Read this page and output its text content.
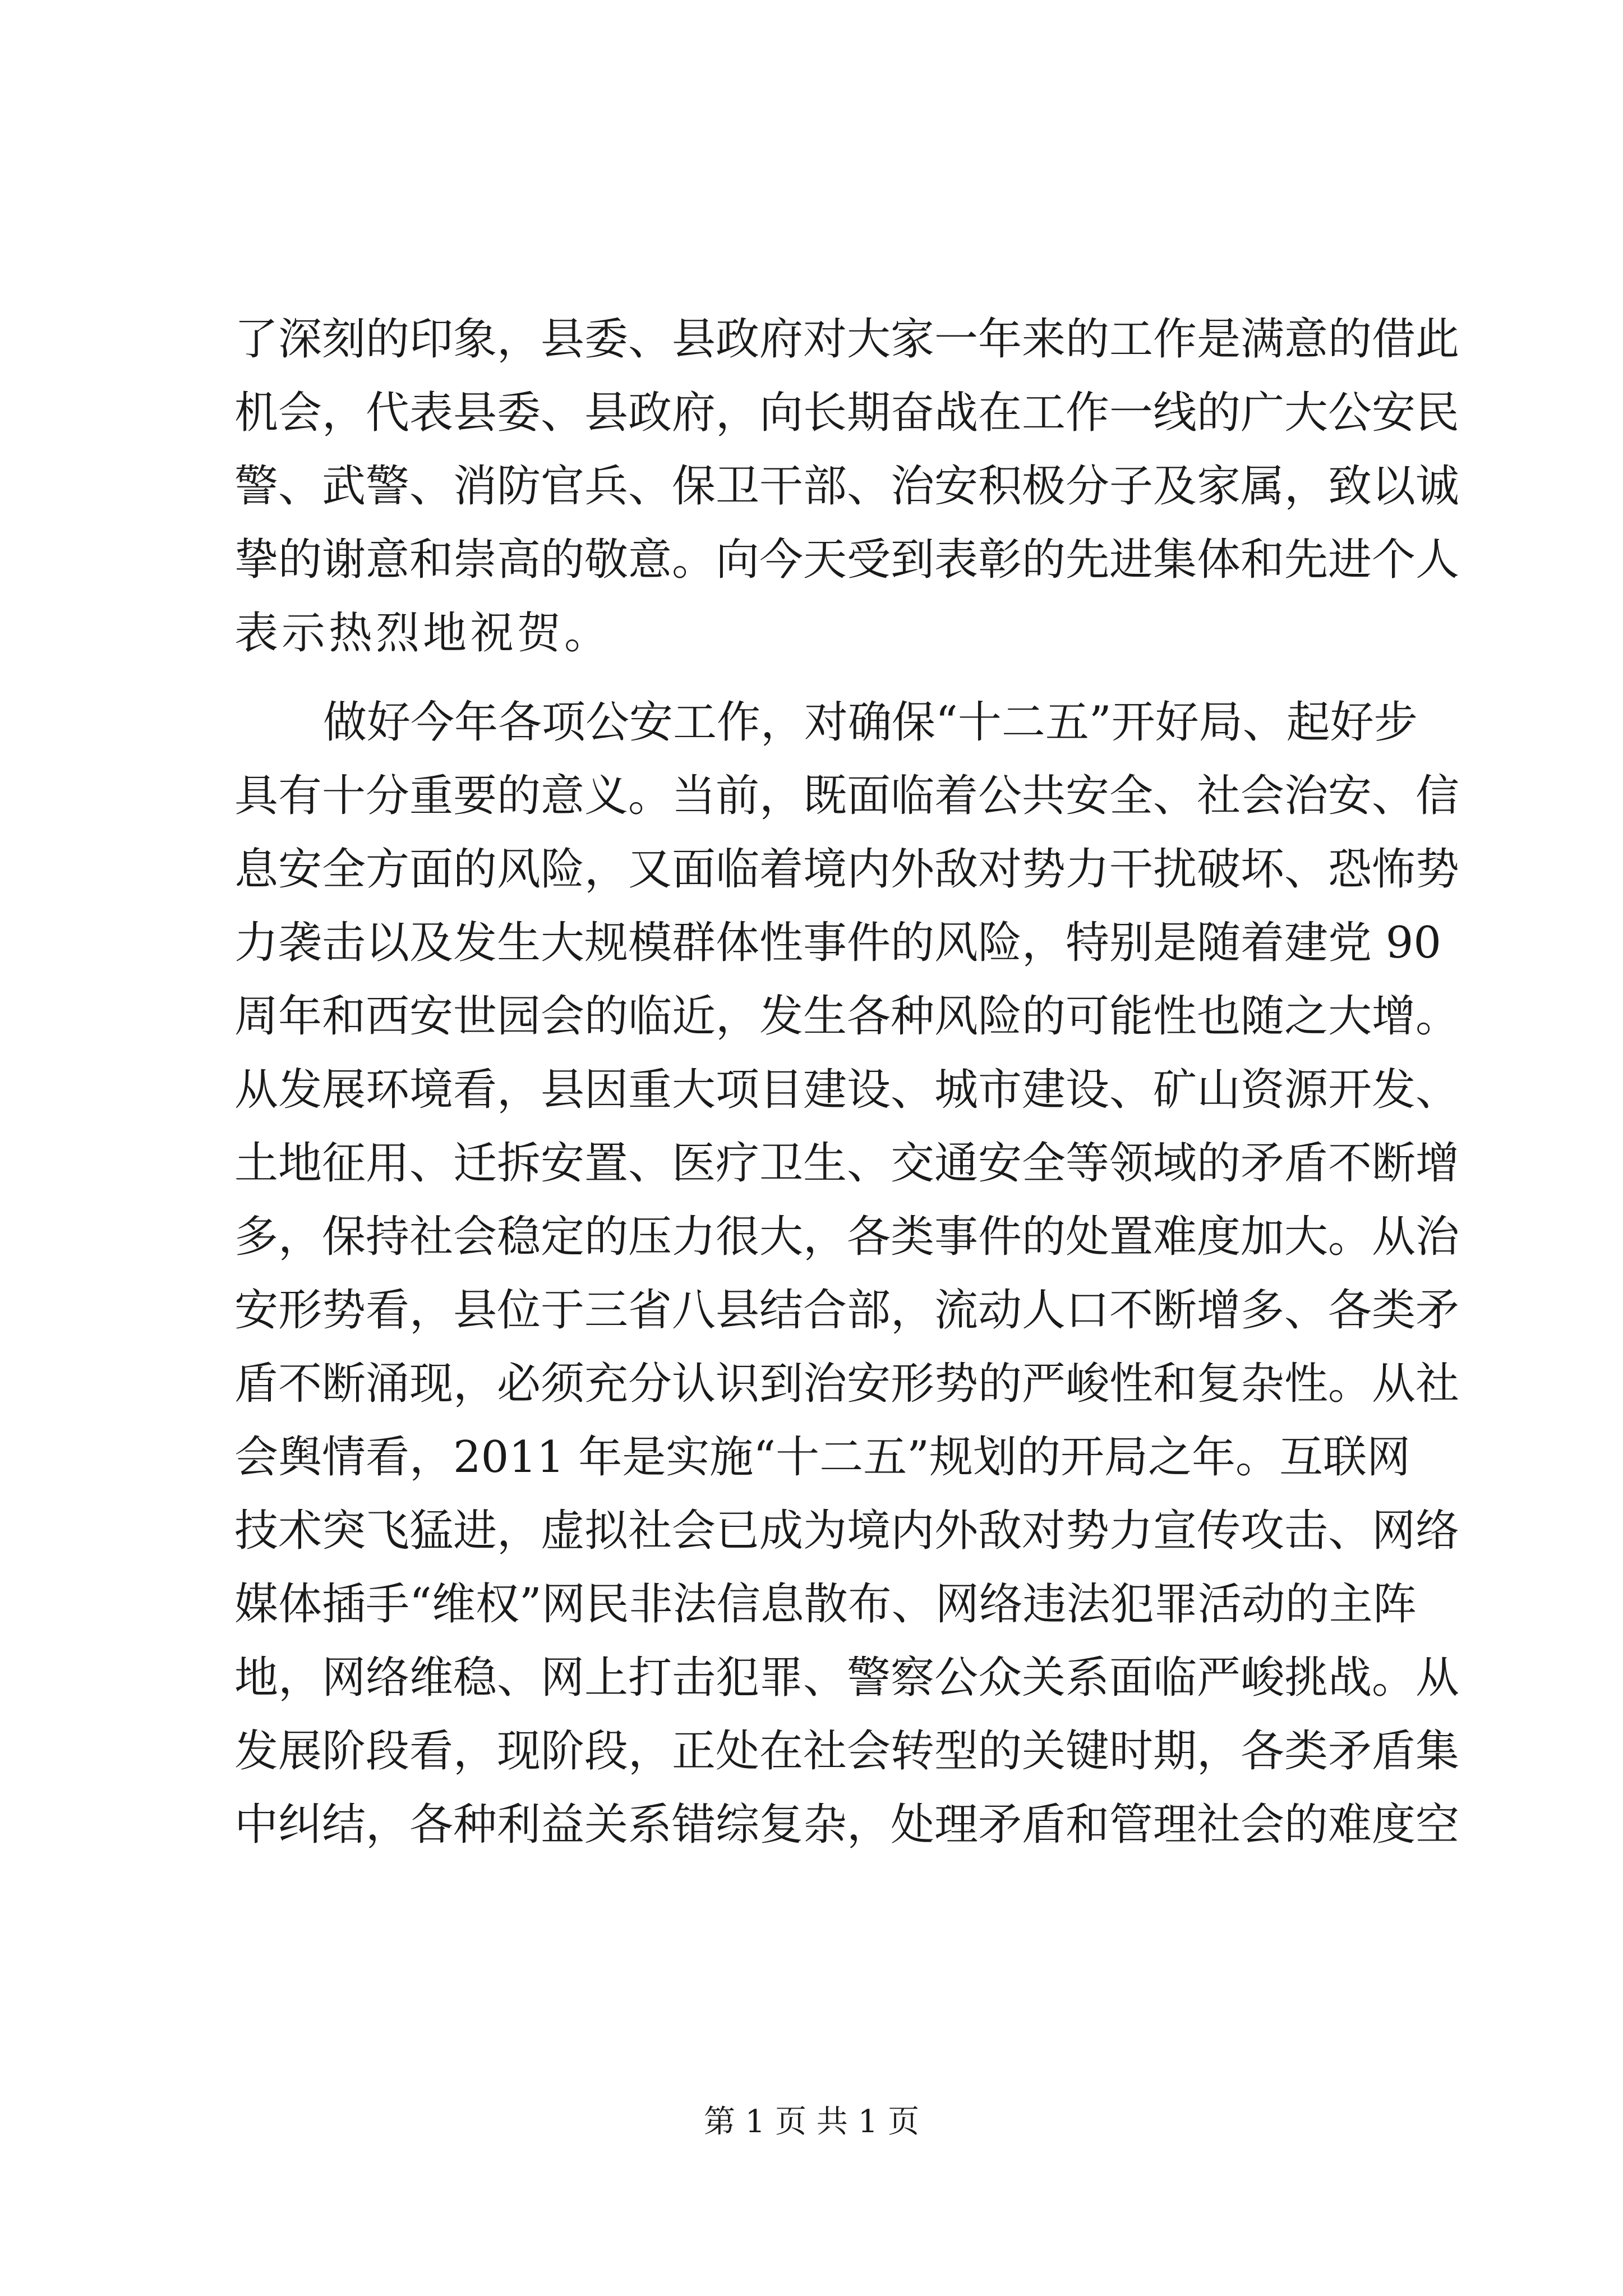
了深刻的印象，县委、县政府对大家一年来的工作是满意的借此
机会，代表县委、县政府，向长期奋战在工作一线的广大公安民
警、武警、消防官兵、保卫干部、治安积极分子及家属，致以诚
挚的谢意和崇高的敬意。向今天受到表彰的先进集体和先进个人
表示热烈地祝贺。
做好今年各项公安工作，对确保“十二五”开好局、起好步
具有十分重要的意义。当前，既面临着公共安全、社会治安、信
息安全方面的风险，又面临着境内外敌对势力干扰破坏、恐怖势
力袭击以及发生大规模群体性事件的风险，特别是随着建党 90
周年和西安世园会的临近，发生各种风险的可能性也随之大增。
从发展环境看，县因重大项目建设、城市建设、矿山资源开发、
土地征用、迁拆安置、医疗卫生、交通安全等领域的矛盾不断增
多，保持社会稳定的压力很大，各类事件的处置难度加大。从治
安形势看，县位于三省八县结合部，流动人口不断增多、各类矛
盾不断涌现，必须充分认识到治安形势的严峻性和复杂性。从社
会舆情看，2011 年是实施“十二五”规划的开局之年。互联网
技术突飞猛进，虚拟社会已成为境内外敌对势力宣传攻击、网络
媒体插手“维权”网民非法信息散布、网络违法犯罪活动的主阵
地，网络维稳、网上打击犯罪、警察公众关系面临严峻挑战。从
发展阶段看，现阶段，正处在社会转型的关键时期，各类矛盾集
中纠结，各种利益关系错综复杂，处理矛盾和管理社会的难度空
第 1 页 共 1 页
